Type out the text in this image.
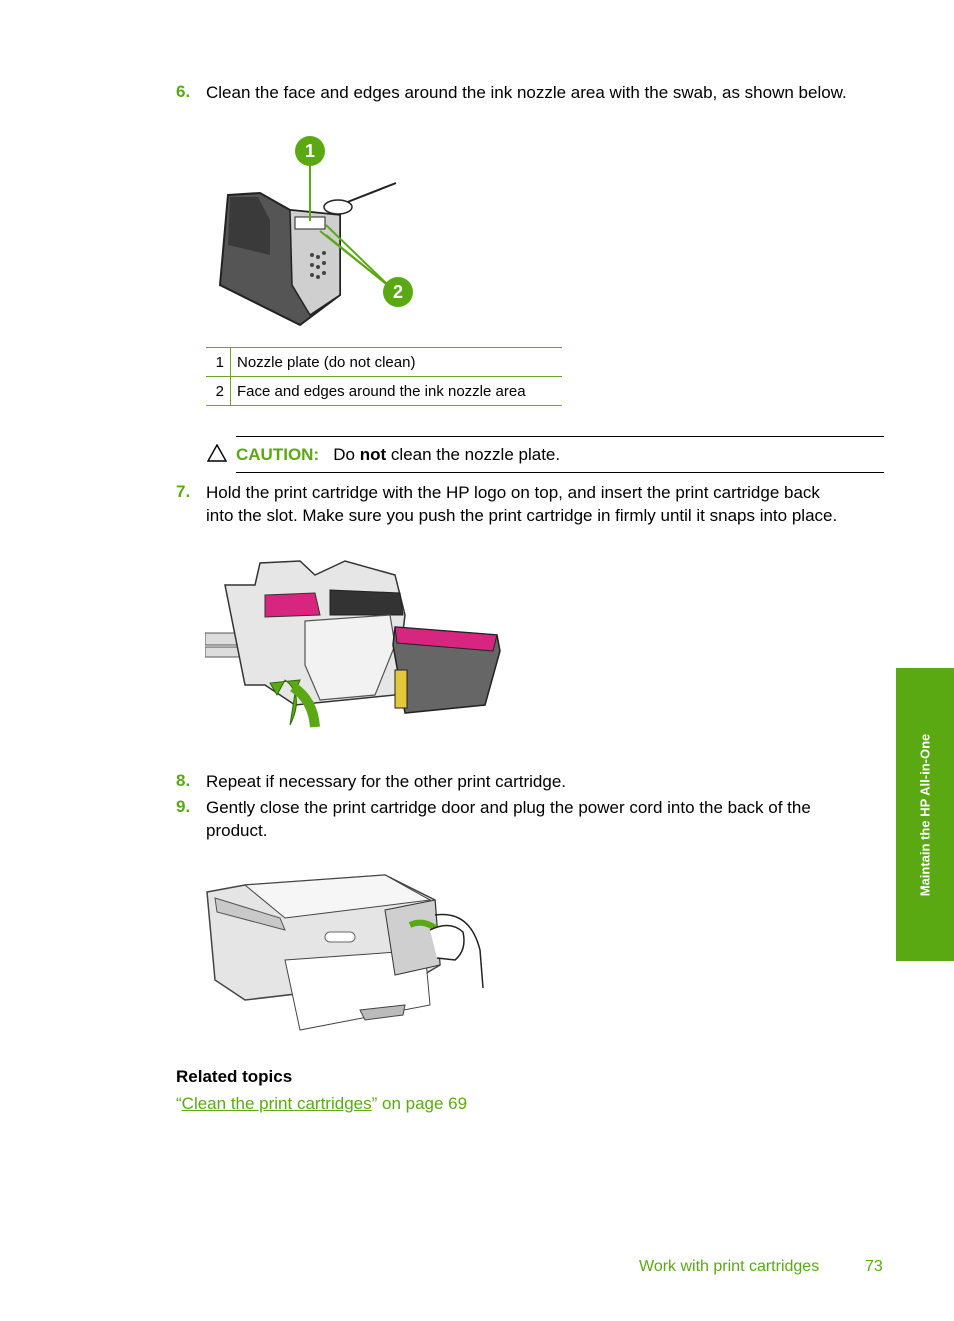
6. Clean the face and edges around the ink nozzle area with the swab, as shown below.
1
2
1	Nozzle plate (do not clean)
2	Face and edges around the ink nozzle area
CAUTION: Do not clean the nozzle plate.
7. Hold the print cartridge with the HP logo on top, and insert the print cartridge back
into the slot. Make sure you push the print cartridge in firmly until it snaps into place.
8. Repeat if necessary for the other print cartridge.
9. Gently close the print cartridge door and plug the power cord into the back of the
product.
Related topics
“Clean the print cartridges” on page 69
Maintain the HP All-in-One
Work with print cartridges	73
